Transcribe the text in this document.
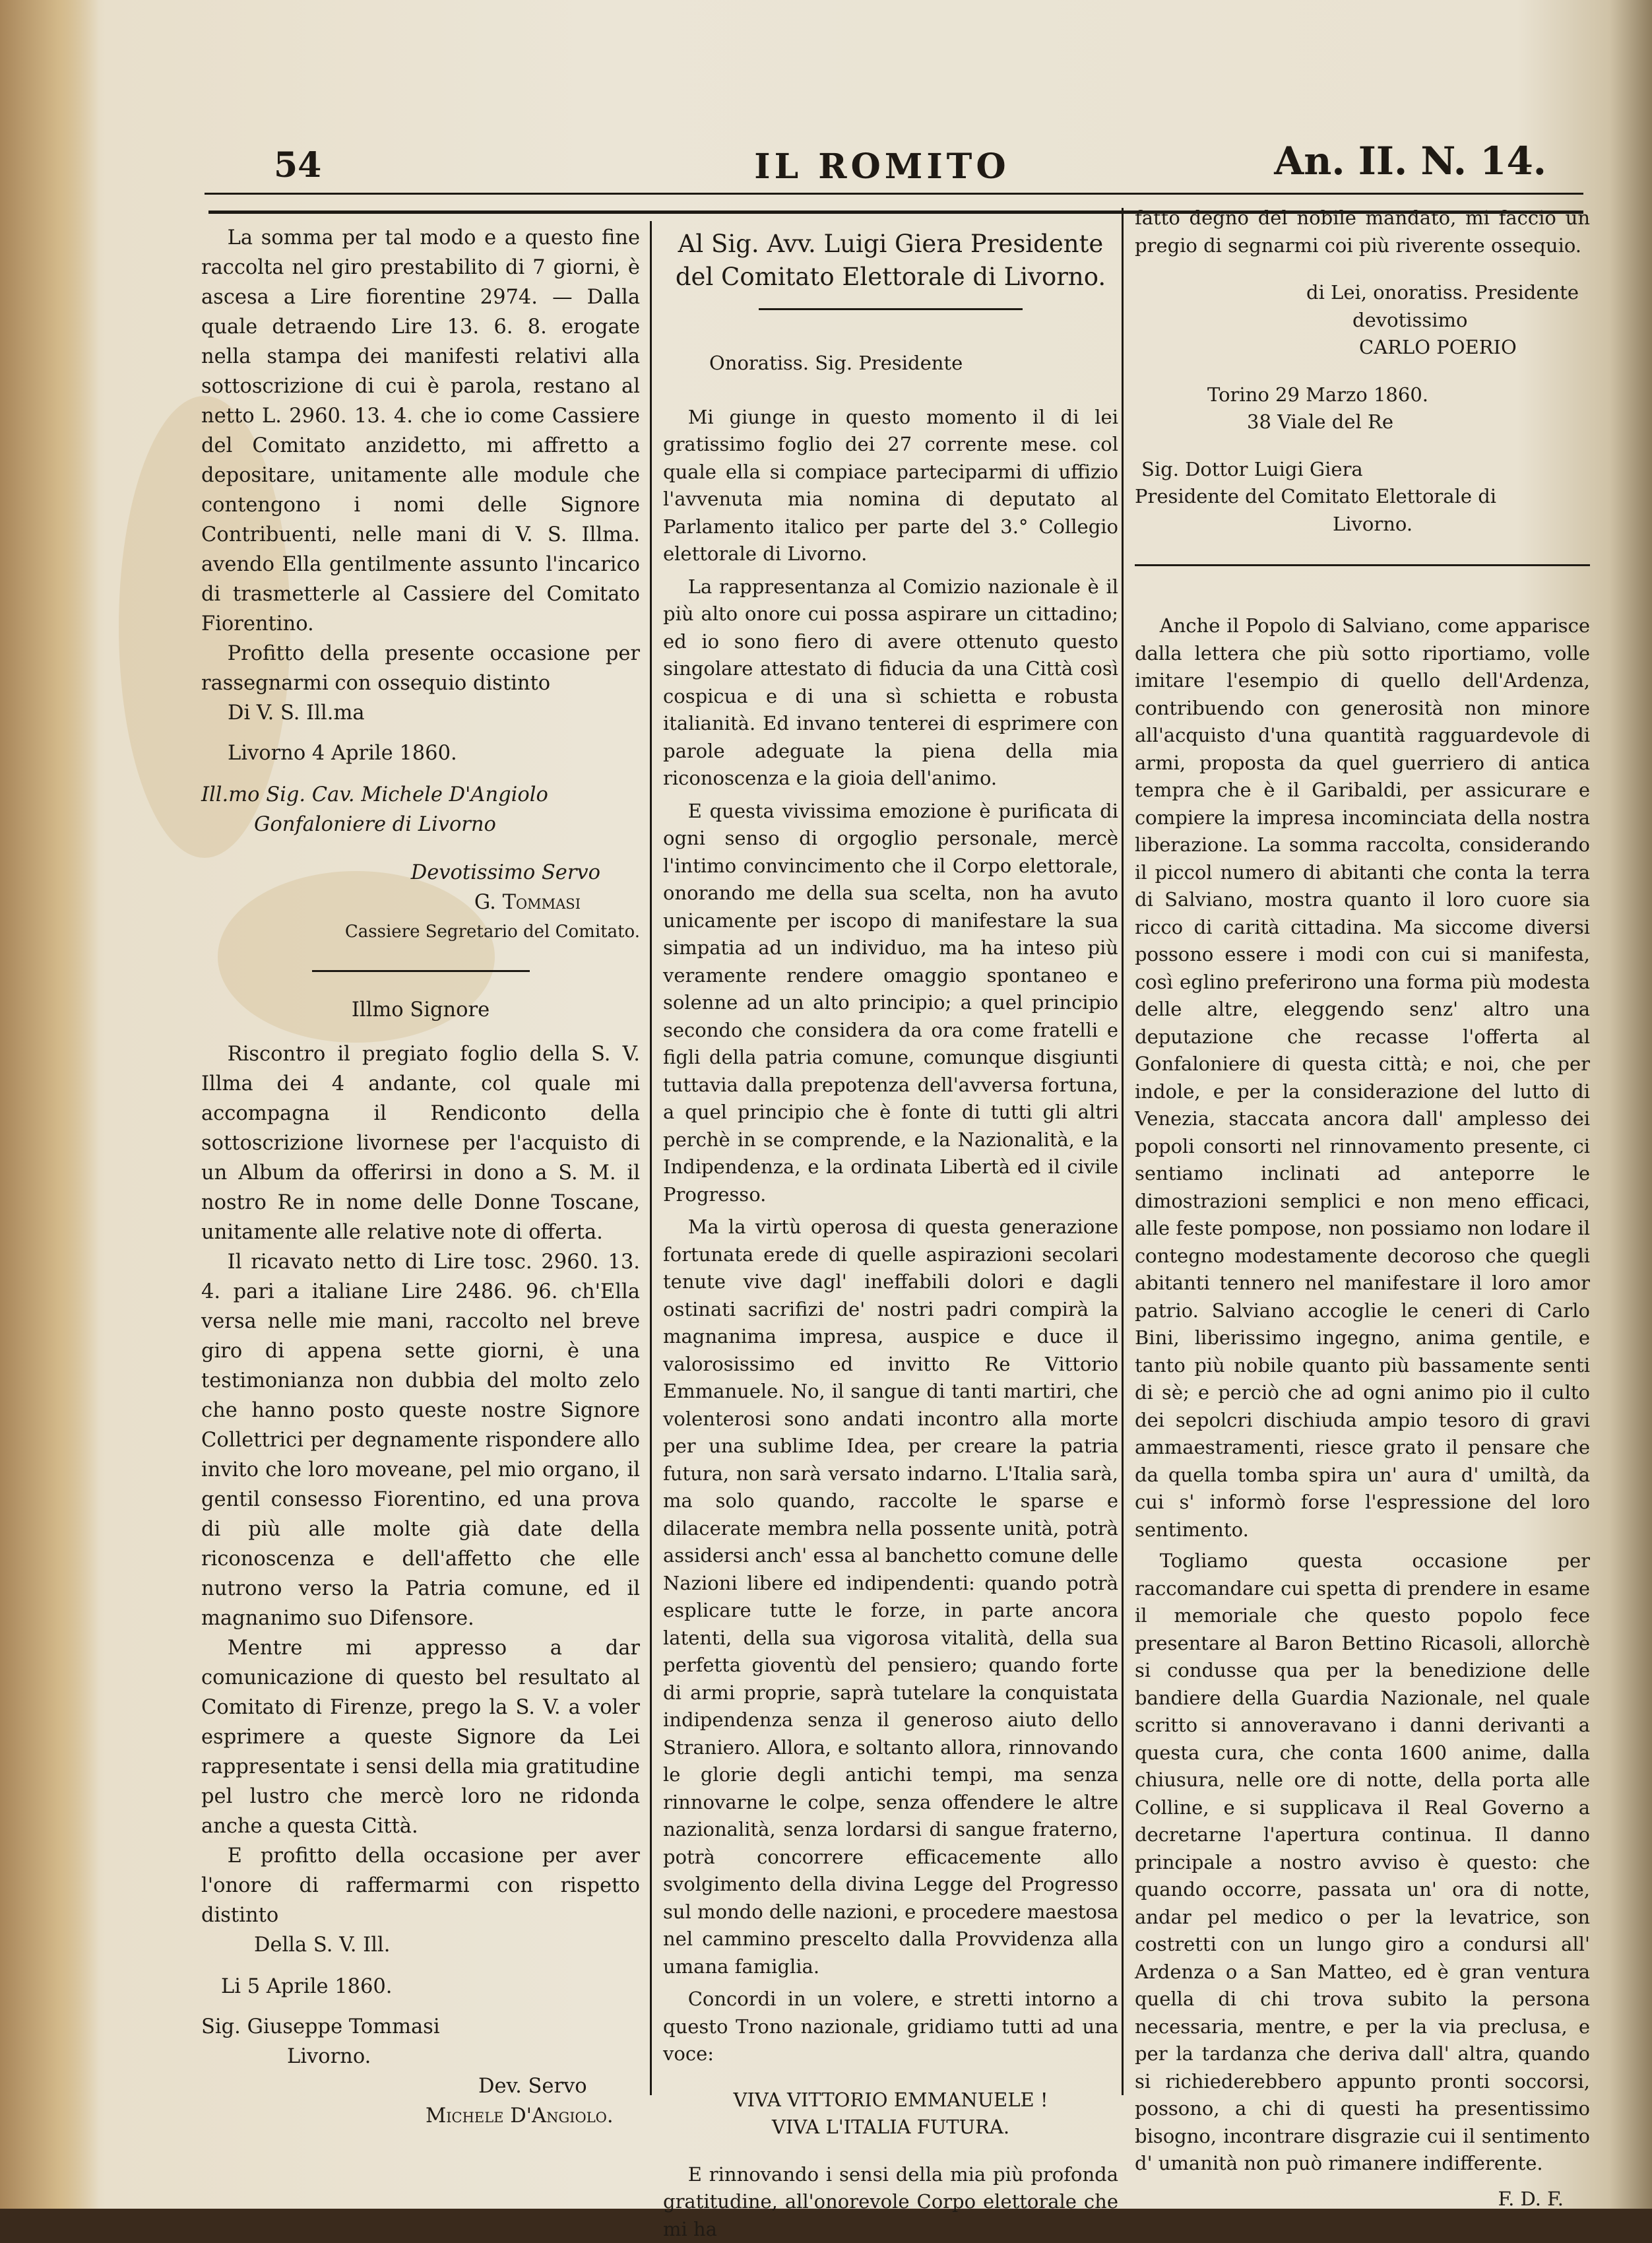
54	IL ROMITO	An. II. N. 14.

La somma per tal modo e a questo fine raccolta nel giro prestabilito di 7 giorni, è ascesa a Lire fiorentine 2974. — Dalla quale detraendo Lire 13. 6. 8. erogate nella stampa dei manifesti relativi alla sottoscrizione di cui è parola, restano al netto L. 2960. 13. 4. che io come Cassiere del Comitato anzidetto, mi affretto a depositare, unitamente alle module che contengono i nomi delle Signore Contribuenti, nelle mani di V. S. Illma. avendo Ella gentilmente assunto l'incarico di trasmetterle al Cassiere del Comitato Fiorentino.

Profitto della presente occasione per rassegnarmi con ossequio distinto

Di V. S. Ill.ma

Livorno 4 Aprile 1860.

Ill.mo Sig. Cav. Michele D'Angiolo

Gonfaloniere di Livorno

Devotissimo Servo

G. Tommasi

Cassiere Segretario del Comitato.

Illmo Signore

Riscontro il pregiato foglio della S. V. Illma dei 4 andante, col quale mi accompagna il Rendiconto della sottoscrizione livornese per l'acquisto di un Album da offerirsi in dono a S. M. il nostro Re in nome delle Donne Toscane, unitamente alle relative note di offerta.

Il ricavato netto di Lire tosc. 2960. 13. 4. pari a italiane Lire 2486. 96. ch'Ella versa nelle mie mani, raccolto nel breve giro di appena sette giorni, è una testimonianza non dubbia del molto zelo che hanno posto queste nostre Signore Collettrici per degnamente rispondere allo invito che loro moveane, pel mio organo, il gentil consesso Fiorentino, ed una prova di più alle molte già date della riconoscenza e dell'affetto che elle nutrono verso la Patria comune, ed il magnanimo suo Difensore.

Mentre mi appresso a dar comunicazione di questo bel resultato al Comitato di Firenze, prego la S. V. a voler esprimere a queste Signore da Lei rappresentate i sensi della mia gratitudine pel lustro che mercè loro ne ridonda anche a questa Città.

E profitto della occasione per aver l'onore di raffermarmi con rispetto distinto

Della S. V. Ill.

Li 5 Aprile 1860.

Sig. Giuseppe Tommasi

Livorno.

Dev. Servo

Michele D'Angiolo.

Al Sig. Avv. Luigi Giera Presidente del Comitato Elettorale di Livorno.

Onoratiss. Sig. Presidente

Mi giunge in questo momento il di lei gratissimo foglio dei 27 corrente mese. col quale ella si compiace parteciparmi di uffizio l'avvenuta mia nomina di deputato al Parlamento italico per parte del 3.° Collegio elettorale di Livorno.

La rappresentanza al Comizio nazionale è il più alto onore cui possa aspirare un cittadino; ed io sono fiero di avere ottenuto questo singolare attestato di fiducia da una Città così cospicua e di una sì schietta e robusta italianità. Ed invano tenterei di esprimere con parole adeguate la piena della mia riconoscenza e la gioia dell'animo.

E questa vivissima emozione è purificata di ogni senso di orgoglio personale, mercè l'intimo convincimento che il Corpo elettorale, onorando me della sua scelta, non ha avuto unicamente per iscopo di manifestare la sua simpatia ad un individuo, ma ha inteso più veramente rendere omaggio spontaneo e solenne ad un alto principio; a quel principio secondo che considera da ora come fratelli e figli della patria comune, comunque disgiunti tuttavia dalla prepotenza dell'avversa fortuna, a quel principio che è fonte di tutti gli altri perchè in se comprende, e la Nazionalità, e la Indipendenza, e la ordinata Libertà ed il civile Progresso.

Ma la virtù operosa di questa generazione fortunata erede di quelle aspirazioni secolari tenute vive dagl' ineffabili dolori e dagli ostinati sacrifizi de' nostri padri compirà la magnanima impresa, auspice e duce il valorosissimo ed invitto Re Vittorio Emmanuele. No, il sangue di tanti martiri, che volenterosi sono andati incontro alla morte per una sublime Idea, per creare la patria futura, non sarà versato indarno. L'Italia sarà, ma solo quando, raccolte le sparse e dilacerate membra nella possente unità, potrà assidersi anch' essa al banchetto comune delle Nazioni libere ed indipendenti: quando potrà esplicare tutte le forze, in parte ancora latenti, della sua vigorosa vitalità, della sua perfetta gioventù del pensiero; quando forte di armi proprie, saprà tutelare la conquistata indipendenza senza il generoso aiuto dello Straniero. Allora, e soltanto allora, rinnovando le glorie degli antichi tempi, ma senza rinnovarne le colpe, senza offendere le altre nazionalità, senza lordarsi di sangue fraterno, potrà concorrere efficacemente allo svolgimento della divina Legge del Progresso sul mondo delle nazioni, e procedere maestosa nel cammino prescelto dalla Provvidenza alla umana famiglia.

Concordi in un volere, e stretti intorno a questo Trono nazionale, gridiamo tutti ad una voce:

VIVA VITTORIO EMMANUELE !

VIVA L'ITALIA FUTURA.

E rinnovando i sensi della mia più profonda gratitudine, all'onorevole Corpo elettorale che mi ha

fatto degno del nobile mandato, mi faccio un pregio di segnarmi coi più riverente ossequio.

di Lei, onoratiss. Presidente

devotissimo

CARLO POERIO

Torino 29 Marzo 1860.

38 Viale del Re

Sig. Dottor Luigi Giera

Presidente del Comitato Elettorale di

Livorno.

Anche il Popolo di Salviano, come apparisce dalla lettera che più sotto riportiamo, volle imitare l'esempio di quello dell'Ardenza, contribuendo con generosità non minore all'acquisto d'una quantità ragguardevole di armi, proposta da quel guerriero di antica tempra che è il Garibaldi, per assicurare e compiere la impresa incominciata della nostra liberazione. La somma raccolta, considerando il piccol numero di abitanti che conta la terra di Salviano, mostra quanto il loro cuore sia ricco di carità cittadina. Ma siccome diversi possono essere i modi con cui si manifesta, così eglino preferirono una forma più modesta delle altre, eleggendo senz' altro una deputazione che recasse l'offerta al Gonfaloniere di questa città; e noi, che per indole, e per la considerazione del lutto di Venezia, staccata ancora dall' amplesso dei popoli consorti nel rinnovamento presente, ci sentiamo inclinati ad anteporre le dimostrazioni semplici e non meno efficaci, alle feste pompose, non possiamo non lodare il contegno modestamente decoroso che quegli abitanti tennero nel manifestare il loro amor patrio. Salviano accoglie le ceneri di Carlo Bini, liberissimo ingegno, anima gentile, e tanto più nobile quanto più bassamente senti di sè; e perciò che ad ogni animo pio il culto dei sepolcri dischiuda ampio tesoro di gravi ammaestramenti, riesce grato il pensare che da quella tomba spira un' aura d' umiltà, da cui s' informò forse l'espressione del loro sentimento.

Togliamo questa occasione per raccomandare cui spetta di prendere in esame il memoriale che questo popolo fece presentare al Baron Bettino Ricasoli, allorchè si condusse qua per la benedizione delle bandiere della Guardia Nazionale, nel quale scritto si annoveravano i danni derivanti a questa cura, che conta 1600 anime, dalla chiusura, nelle ore di notte, della porta alle Colline, e si supplicava il Real Governo a decretarne l'apertura continua. Il danno principale a nostro avviso è questo: che quando occorre, passata un' ora di notte, andar pel medico o per la levatrice, son costretti con un lungo giro a condursi all' Ardenza o a San Matteo, ed è gran ventura quella di chi trova subito la persona necessaria, mentre, e per la via preclusa, e per la tardanza che deriva dall' altra, quando si richiederebbero appunto pronti soccorsi, possono, a chi di questi ha presentissimo bisogno, incontrare disgrazie cui il sentimento d' umanità non può rimanere indifferente.

F. D. F.
